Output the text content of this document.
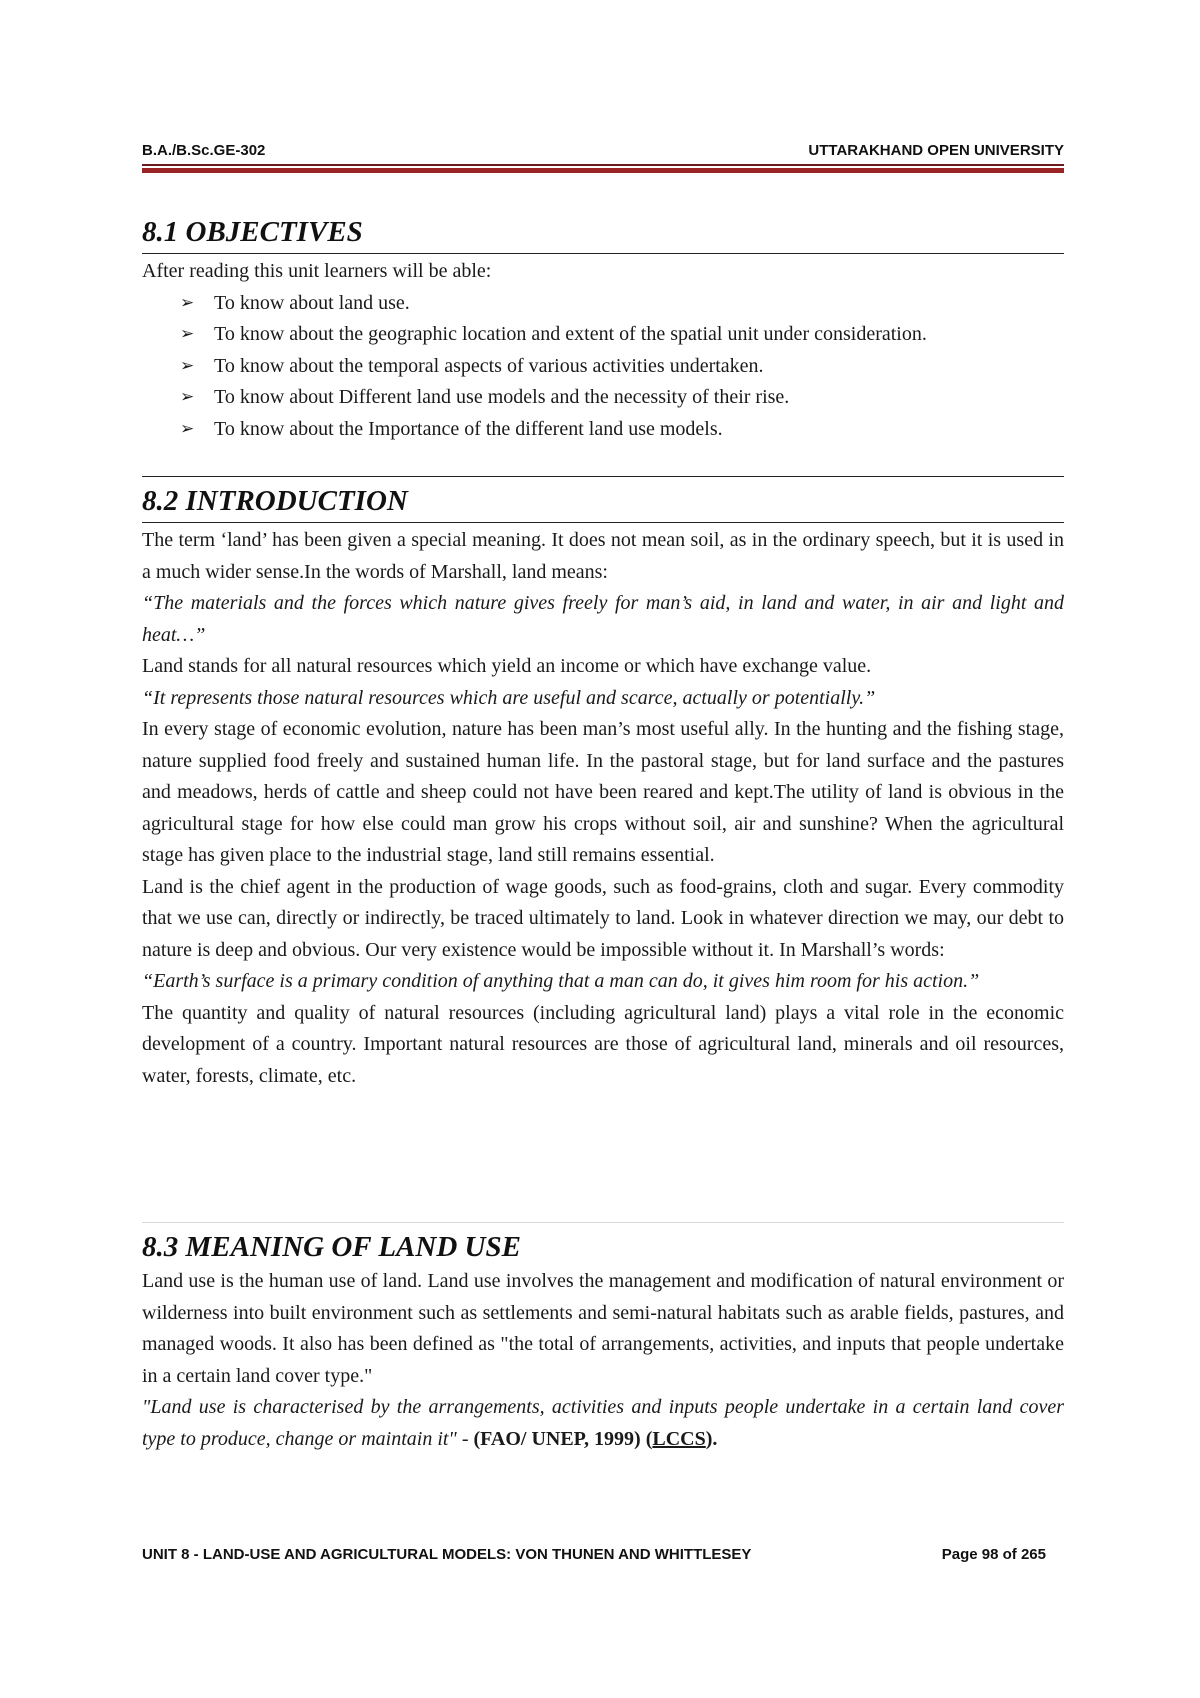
B.A./B.Sc.GE-302	UTTARAKHAND OPEN UNIVERSITY
8.1 OBJECTIVES

After reading this unit learners will be able:

➢ To know about land use.
➢ To know about the geographic location and extent of the spatial unit under consideration.
➢ To know about the temporal aspects of various activities undertaken.
➢ To know about Different land use models and the necessity of their rise.
➢ To know about the Importance of the different land use models.
8.2 INTRODUCTION

The term ‘land’ has been given a special meaning. It does not mean soil, as in the ordinary speech, but it is used in a much wider sense.In the words of Marshall, land means:

“The materials and the forces which nature gives freely for man’s aid, in land and water, in air and light and heat…”

Land stands for all natural resources which yield an income or which have exchange value.

“It represents those natural resources which are useful and scarce, actually or potentially.”

In every stage of economic evolution, nature has been man’s most useful ally. In the hunting and the fishing stage, nature supplied food freely and sustained human life. In the pastoral stage, but for land surface and the pastures and meadows, herds of cattle and sheep could not have been reared and kept.The utility of land is obvious in the agricultural stage for how else could man grow his crops without soil, air and sunshine? When the agricultural stage has given place to the industrial stage, land still remains essential.

Land is the chief agent in the production of wage goods, such as food-grains, cloth and sugar. Every commodity that we use can, directly or indirectly, be traced ultimately to land. Look in whatever direction we may, our debt to nature is deep and obvious. Our very existence would be impossible without it. In Marshall’s words:

“Earth’s surface is a primary condition of anything that a man can do, it gives him room for his action.”

The quantity and quality of natural resources (including agricultural land) plays a vital role in the economic development of a country. Important natural resources are those of agricultural land, minerals and oil resources, water, forests, climate, etc.

8.3 MEANING OF LAND USE

Land use is the human use of land. Land use involves the management and modification of natural environment or wilderness into built environment such as settlements and semi-natural habitats such as arable fields, pastures, and managed woods. It also has been defined as "the total of arrangements, activities, and inputs that people undertake in a certain land cover type."

"Land use is characterised by the arrangements, activities and inputs people undertake in a certain land cover type to produce, change or maintain it" - (FAO/ UNEP, 1999) (LCCS).

UNIT 8 - LAND-USE AND AGRICULTURAL MODELS: VON THUNEN AND WHITTLESEY	Page 98 of 265
